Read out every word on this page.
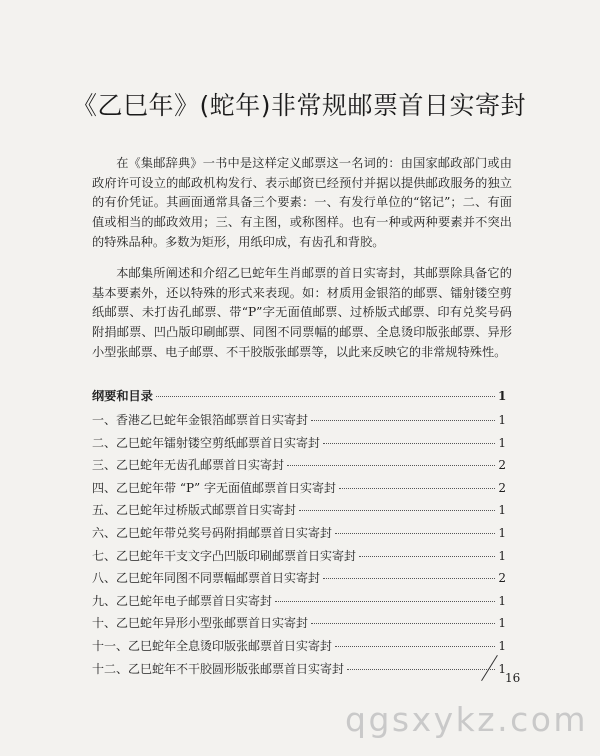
《乙巳年》(蛇年)非常规邮票首日实寄封
在《集邮辞典》一书中是这样定义邮票这一名词的：由国家邮政部门或由政府许可设立的邮政机构发行、表示邮资已经预付并据以提供邮政服务的独立的有价凭证。其画面通常具备三个要素：一、有发行单位的“铭记”；二、有面值或相当的邮政效用；三、有主图，或称图样。也有一种或两种要素并不突出的特殊品种。多数为矩形，用纸印成，有齿孔和背胶。
本邮集所阐述和介绍乙巳蛇年生肖邮票的首日实寄封，其邮票除具备它的基本要素外，还以特殊的形式来表现。如：材质用金银箔的邮票、镭射镂空剪纸邮票、未打齿孔邮票、带“P”字无面值邮票、过桥版式邮票、印有兑奖号码附捐邮票、凹凸版印刷邮票、同图不同票幅的邮票、全息烫印版张邮票、异形小型张邮票、电子邮票、不干胶版张邮票等，以此来反映它的非常规特殊性。
纲要和目录	1
一、香港乙巳蛇年金银箔邮票首日实寄封	1
二、乙巳蛇年镭射镂空剪纸邮票首日实寄封	1
三、乙巳蛇年无齿孔邮票首日实寄封	2
四、乙巳蛇年带 “P” 字无面值邮票首日实寄封	2
五、乙巳蛇年过桥版式邮票首日实寄封	1
六、乙巳蛇年带兑奖号码附捐邮票首日实寄封	1
七、乙巳蛇年干支文字凸凹版印刷邮票首日实寄封	1
八、乙巳蛇年同图不同票幅邮票首日实寄封	2
九、乙巳蛇年电子邮票首日实寄封	1
十、乙巳蛇年异形小型张邮票首日实寄封	1
十一、乙巳蛇年全息烫印版张邮票首日实寄封	1
十二、乙巳蛇年不干胶圆形版张邮票首日实寄封	1
16
qgsxykz.com
